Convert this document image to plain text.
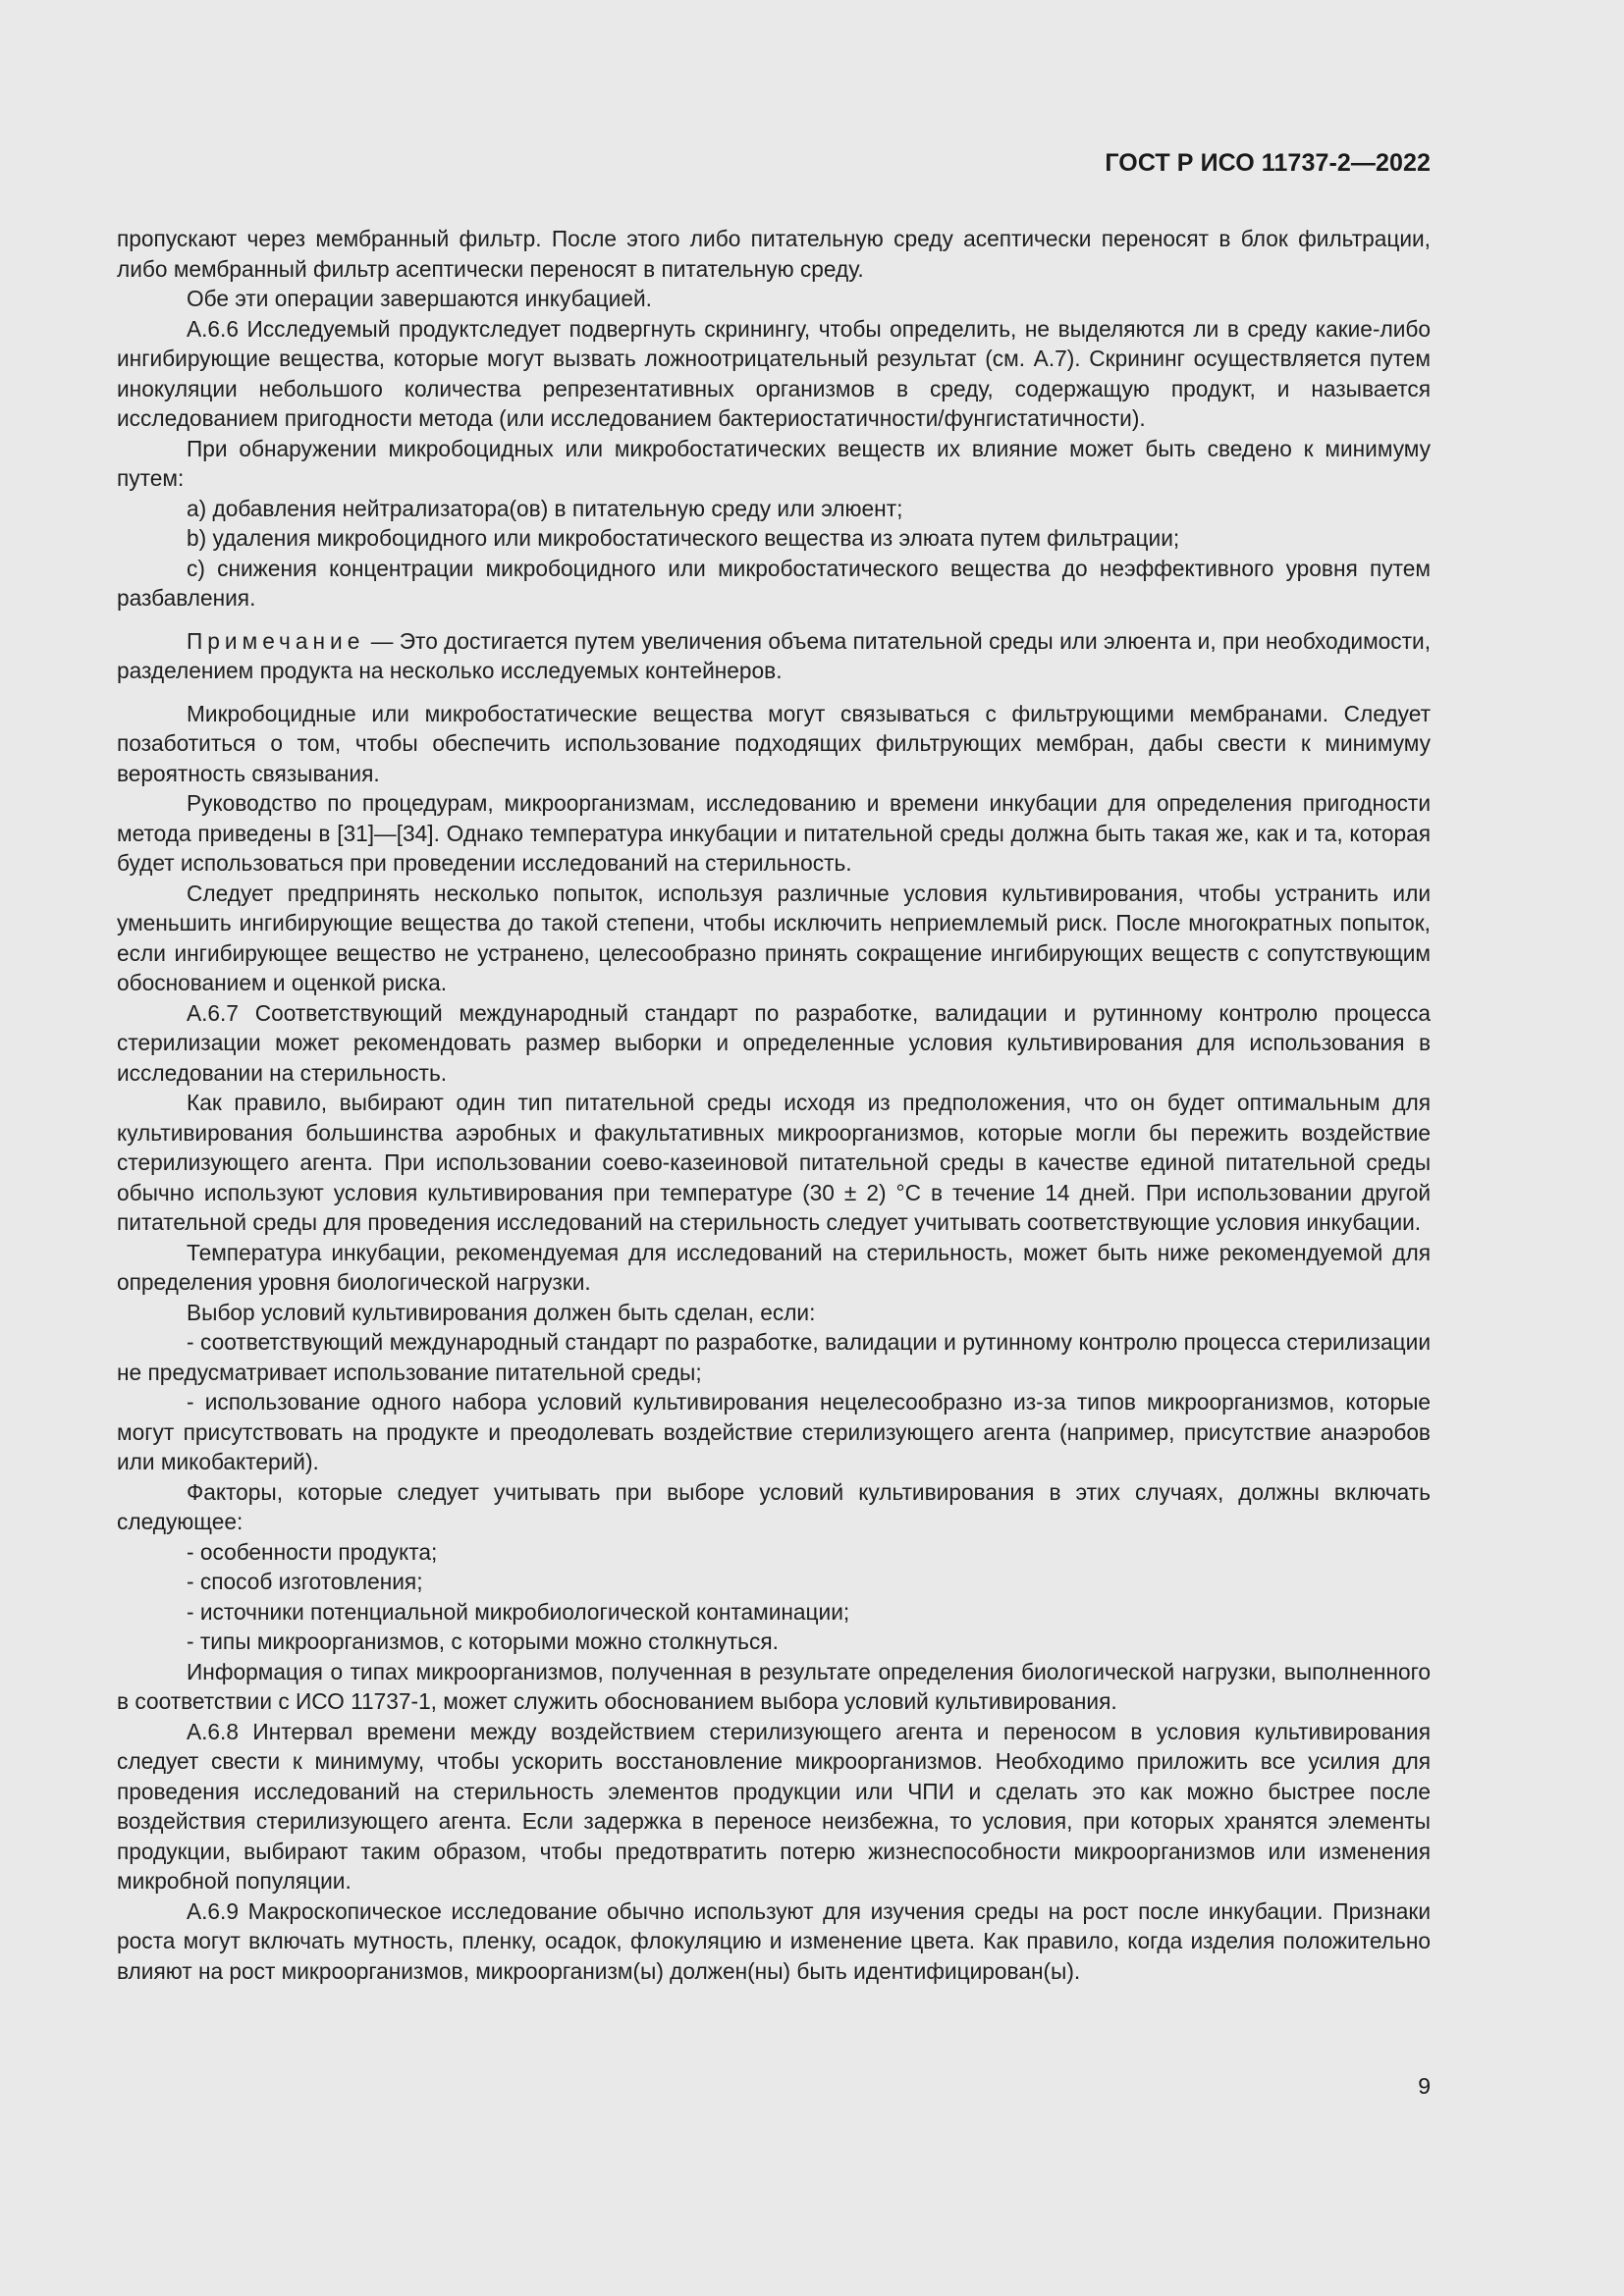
ГОСТ Р ИСО 11737-2—2022

пропускают через мембранный фильтр. После этого либо питательную среду асептически переносят в блок фильтрации, либо мембранный фильтр асептически переносят в питательную среду.

Обе эти операции завершаются инкубацией.

А.6.6 Исследуемый продуктследует подвергнуть скринингу, чтобы определить, не выделяются ли в среду какие-либо ингибирующие вещества, которые могут вызвать ложноотрицательный результат (см. А.7). Скрининг осуществляется путем инокуляции небольшого количества репрезентативных организмов в среду, содержащую продукт, и называется исследованием пригодности метода (или исследованием бактериостатичности/фунгистатичности).

При обнаружении микробоцидных или микробостатических веществ их влияние может быть сведено к минимуму путем:

a) добавления нейтрализатора(ов) в питательную среду или элюент;

b) удаления микробоцидного или микробостатического вещества из элюата путем фильтрации;

c) снижения концентрации микробоцидного или микробостатического вещества до неэффективного уровня путем разбавления.

Примечание — Это достигается путем увеличения объема питательной среды или элюента и, при необходимости, разделением продукта на несколько исследуемых контейнеров.

Микробоцидные или микробостатические вещества могут связываться с фильтрующими мембранами. Следует позаботиться о том, чтобы обеспечить использование подходящих фильтрующих мембран, дабы свести к минимуму вероятность связывания.

Руководство по процедурам, микроорганизмам, исследованию и времени инкубации для определения пригодности метода приведены в [31]—[34]. Однако температура инкубации и питательной среды должна быть такая же, как и та, которая будет использоваться при проведении исследований на стерильность.

Следует предпринять несколько попыток, используя различные условия культивирования, чтобы устранить или уменьшить ингибирующие вещества до такой степени, чтобы исключить неприемлемый риск. После многократных попыток, если ингибирующее вещество не устранено, целесообразно принять сокращение ингибирующих веществ с сопутствующим обоснованием и оценкой риска.

А.6.7 Соответствующий международный стандарт по разработке, валидации и рутинному контролю процесса стерилизации может рекомендовать размер выборки и определенные условия культивирования для использования в исследовании на стерильность.

Как правило, выбирают один тип питательной среды исходя из предположения, что он будет оптимальным для культивирования большинства аэробных и факультативных микроорганизмов, которые могли бы пережить воздействие стерилизующего агента. При использовании соево-казеиновой питательной среды в качестве единой питательной среды обычно используют условия культивирования при температуре (30 ± 2) °С в течение 14 дней. При использовании другой питательной среды для проведения исследований на стерильность следует учитывать соответствующие условия инкубации.

Температура инкубации, рекомендуемая для исследований на стерильность, может быть ниже рекомендуемой для определения уровня биологической нагрузки.

Выбор условий культивирования должен быть сделан, если:

- соответствующий международный стандарт по разработке, валидации и рутинному контролю процесса стерилизации не предусматривает использование питательной среды;

- использование одного набора условий культивирования нецелесообразно из-за типов микроорганизмов, которые могут присутствовать на продукте и преодолевать воздействие стерилизующего агента (например, присутствие анаэробов или микобактерий).

Факторы, которые следует учитывать при выборе условий культивирования в этих случаях, должны включать следующее:

- особенности продукта;

- способ изготовления;

- источники потенциальной микробиологической контаминации;

- типы микроорганизмов, с которыми можно столкнуться.

Информация о типах микроорганизмов, полученная в результате определения биологической нагрузки, выполненного в соответствии с ИСО 11737-1, может служить обоснованием выбора условий культивирования.

А.6.8 Интервал времени между воздействием стерилизующего агента и переносом в условия культивирования следует свести к минимуму, чтобы ускорить восстановление микроорганизмов. Необходимо приложить все усилия для проведения исследований на стерильность элементов продукции или ЧПИ и сделать это как можно быстрее после воздействия стерилизующего агента. Если задержка в переносе неизбежна, то условия, при которых хранятся элементы продукции, выбирают таким образом, чтобы предотвратить потерю жизнеспособности микроорганизмов или изменения микробной популяции.

А.6.9 Макроскопическое исследование обычно используют для изучения среды на рост после инкубации. Признаки роста могут включать мутность, пленку, осадок, флокуляцию и изменение цвета. Как правило, когда изделия положительно влияют на рост микроорганизмов, микроорганизм(ы) должен(ны) быть идентифицирован(ы).

9
